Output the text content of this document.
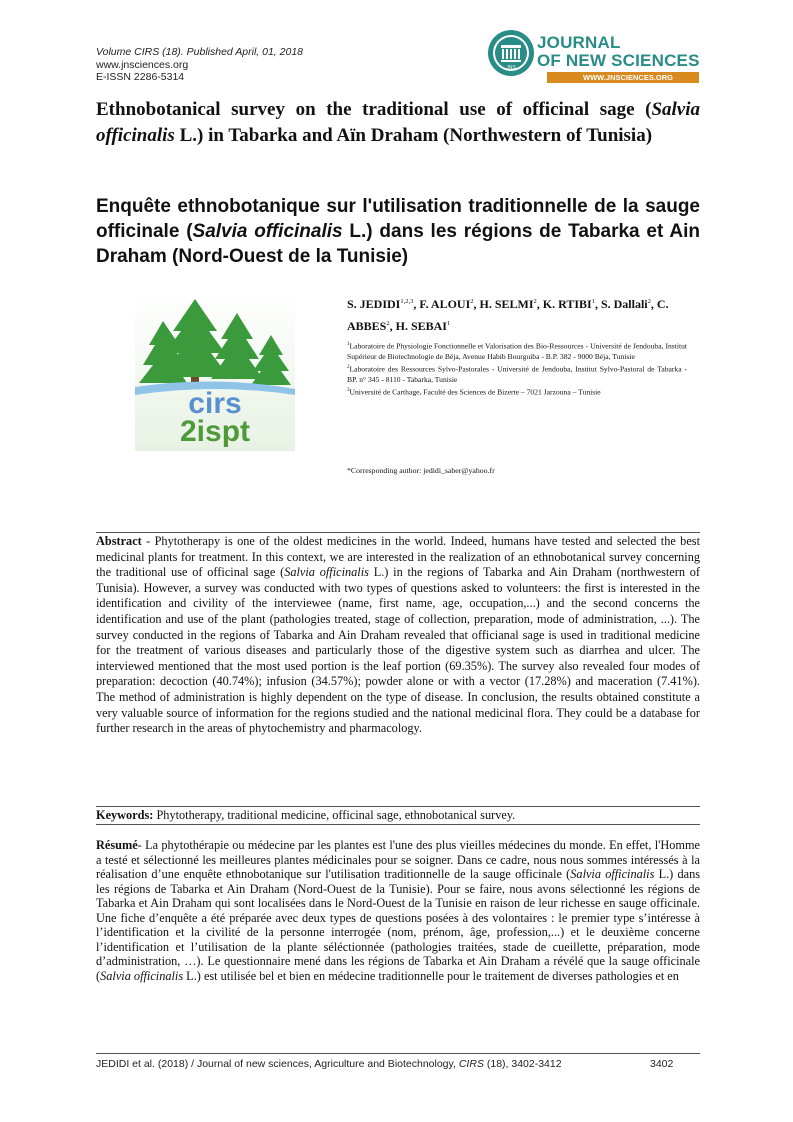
Volume CIRS (18). Published April, 01, 2018
www.jnsciences.org
E-ISSN 2286-5314
JNS
JOURNAL
OF NEW SCIENCES
WWW.JNSCIENCES.ORG
Ethnobotanical survey on the traditional use of officinal sage (Salvia officinalis L.) in Tabarka and Aïn Draham (Northwestern of Tunisia)
Enquête ethnobotanique sur l'utilisation traditionnelle de la sauge officinale (Salvia officinalis L.) dans les régions de Tabarka et Ain Draham (Nord-Ouest de la Tunisie)
cirs
2ispt
S. JEDIDI$^{1,2,3}$, F. ALOUI$^2$, H. SELMI$^2$, K. RTIBI$^1$, S. Dallali$^2$, C. ABBES$^2$, H. SEBAI$^1$

$^1$Laboratoire de Physiologie Fonctionnelle et Valorisation des Bio-Ressources - Université de Jendouba, Institut Supérieur de Biotechnologie de Béja, Avenue Habib Bourguiba - B.P. 382 - 9000 Béja, Tunisie

$^2$Laboratoire des Ressources Sylvo-Pastorales - Université de Jendouba, Institut Sylvo-Pastoral de Tabarka - BP. n° 345 - 8110 - Tabarka, Tunisie

$^3$Université de Carthage, Faculté des Sciences de Bizerte – 7021 Jarzouna – Tunisie

*Corresponding author: jedidi_saber@yahoo.fr
Abstract - Phytotherapy is one of the oldest medicines in the world. Indeed, humans have tested and selected the best medicinal plants for treatment. In this context, we are interested in the realization of an ethnobotanical survey concerning the traditional use of officinal sage (Salvia officinalis L.) in the regions of Tabarka and Ain Draham (northwestern of Tunisia). However, a survey was conducted with two types of questions asked to volunteers: the first is interested in the identification and civility of the interviewee (name, first name, age, occupation,...) and the second concerns the identification and use of the plant (pathologies treated, stage of collection, preparation, mode of administration, ...). The survey conducted in the regions of Tabarka and Ain Draham revealed that officianal sage is used in traditional medicine for the treatment of various diseases and particularly those of the digestive system such as diarrhea and ulcer. The interviewed mentioned that the most used portion is the leaf portion (69.35%). The survey also revealed four modes of preparation: decoction (40.74%); infusion (34.57%); powder alone or with a vector (17.28%) and maceration (7.41%). The method of administration is highly dependent on the type of disease. In conclusion, the results obtained constitute a very valuable source of information for the regions studied and the national medicinal flora. They could be a database for further research in the areas of phytochemistry and pharmacology.
Keywords: Phytotherapy, traditional medicine, officinal sage, ethnobotanical survey.
Résumé- La phytothérapie ou médecine par les plantes est l'une des plus vieilles médecines du monde. En effet, l'Homme a testé et sélectionné les meilleures plantes médicinales pour se soigner. Dans ce cadre, nous nous sommes intéressés à la réalisation d’une enquête ethnobotanique sur l'utilisation traditionnelle de la sauge officinale (Salvia officinalis L.) dans les régions de Tabarka et Ain Draham (Nord-Ouest de la Tunisie). Pour se faire, nous avons sélectionné les régions de Tabarka et Ain Draham qui sont localisées dans le Nord-Ouest de la Tunisie en raison de leur richesse en sauge officinale. Une fiche d’enquête a été préparée avec deux types de questions posées à des volontaires : le premier type s’intéresse à l’identification et la civilité de la personne interrogée (nom, prénom, âge, profession,...) et le deuxième concerne l’identification et l’utilisation de la plante séléctionnée (pathologies traitées, stade de cueillette, préparation, mode d’administration, …). Le questionnaire mené dans les régions de Tabarka et Ain Draham a révélé que la sauge officinale (Salvia officinalis L.) est utilisée bel et bien en médecine traditionnelle pour le traitement de diverses pathologies et en
JEDIDI et al. (2018) / Journal of new sciences, Agriculture and Biotechnology, CIRS (18), 3402-3412	3402
